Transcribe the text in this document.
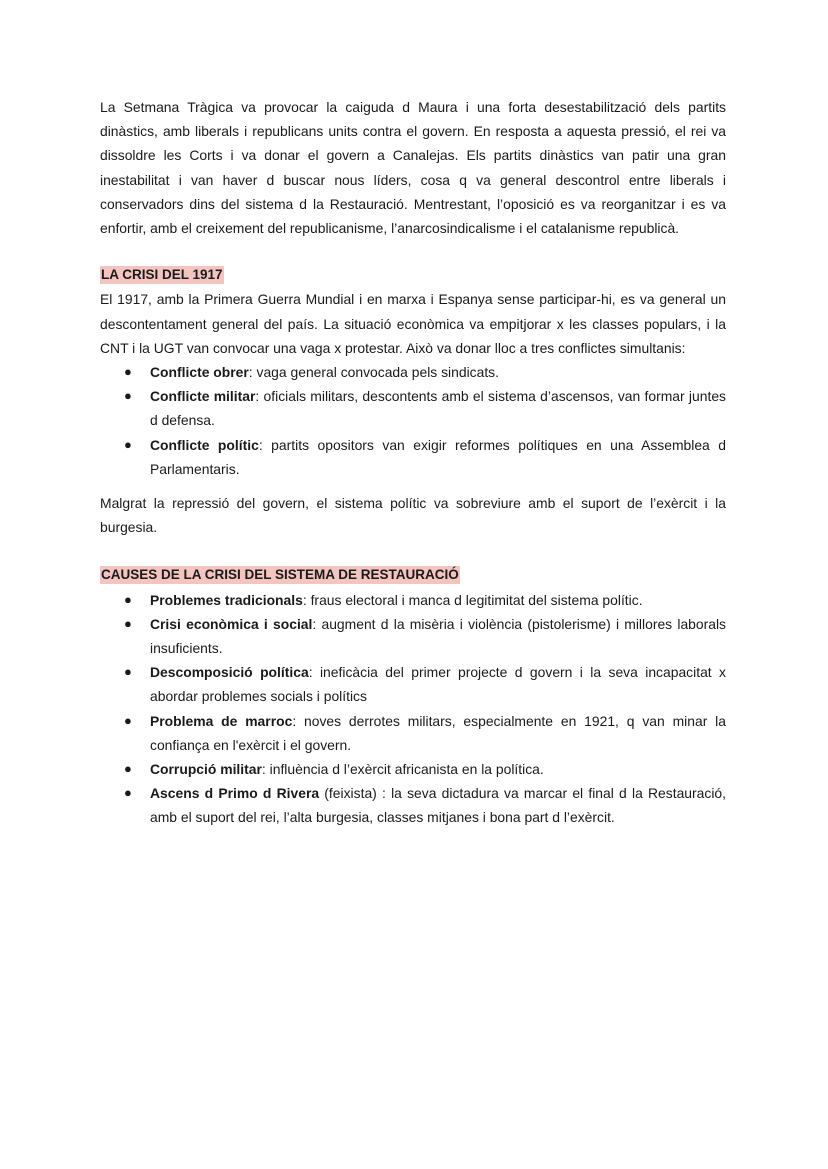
La Setmana Tràgica va provocar la caiguda d Maura i una forta desestabilització dels partits dinàstics, amb liberals i republicans units contra el govern. En resposta a aquesta pressió, el rei va dissoldre les Corts i va donar el govern a Canalejas. Els partits dinàstics van patir una gran inestabilitat i van haver d buscar nous líders, cosa q va general descontrol entre liberals i conservadors dins del sistema d la Restauració. Mentrestant, l’oposició es va reorganitzar i es va enfortir, amb el creixement del republicanisme, l’anarcosindicalisme i el catalanisme republicà.

LA CRISI DEL 1917

El 1917, amb la Primera Guerra Mundial i en marxa i Espanya sense participar-hi, es va general un descontentament general del país. La situació econòmica va empitjorar x les classes populars, i la CNT i la UGT van convocar una vaga x protestar. Això va donar lloc a tres conflictes simultanis:

● Conflicte obrer: vaga general convocada pels sindicats.
● Conflicte militar: oficials militars, descontents amb el sistema d’ascensos, van formar juntes d defensa.
● Conflicte polític: partits opositors van exigir reformes polítiques en una Assemblea d Parlamentaris.

Malgrat la repressió del govern, el sistema polític va sobreviure amb el suport de l’exèrcit i la burgesia.

CAUSES DE LA CRISI DEL SISTEMA DE RESTAURACIÓ
● Problemes tradicionals: fraus electoral i manca d legitimitat del sistema polític.
● Crisi econòmica i social: augment d la misèria i violència (pistolerisme) i millores laborals insuficients.
● Descomposició política: ineficàcia del primer projecte d govern i la seva incapacitat x abordar problemes socials i polítics
● Problema de marroc: noves derrotes militars, especialmente en 1921, q van minar la confiança en l'exèrcit i el govern.
● Corrupció militar: influència d l’exèrcit africanista en la política.
● Ascens d Primo d Rivera (feixista) : la seva dictadura va marcar el final d la Restauració, amb el suport del rei, l’alta burgesia, classes mitjanes i bona part d l’exèrcit.
